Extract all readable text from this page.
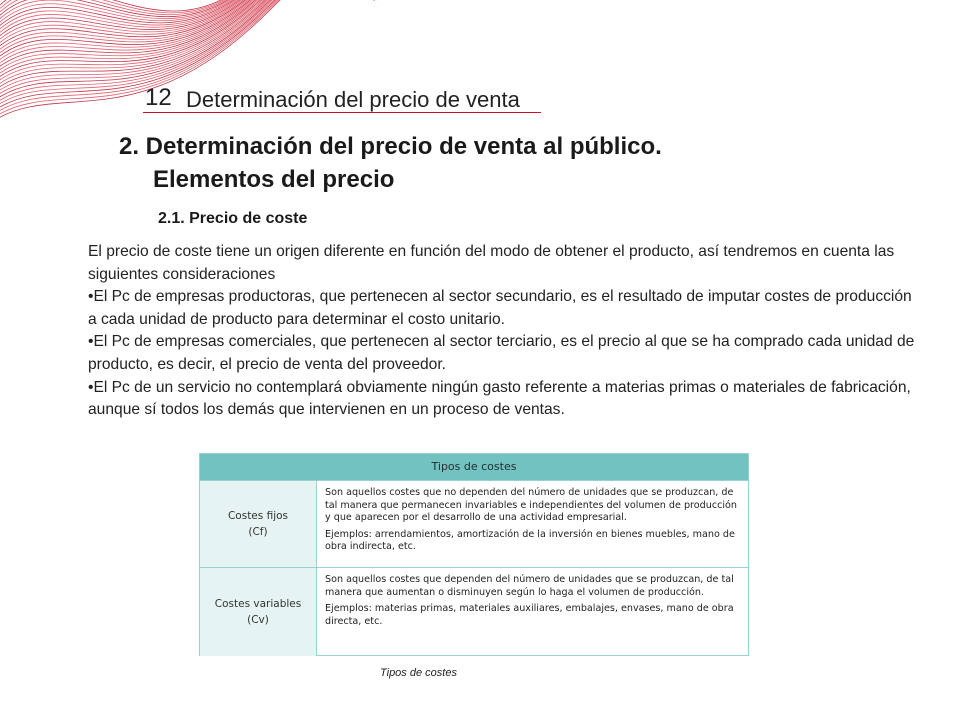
12 Determinación del precio de venta
2. Determinación del precio de venta al público.
Elementos del precio
2.1. Precio de coste

El precio de coste tiene un origen diferente en función del modo de obtener el producto, así tendremos en cuenta las siguientes consideraciones

•El Pc de empresas productoras, que pertenecen al sector secundario, es el resultado de imputar costes de producción a cada unidad de producto para determinar el costo unitario.

•El Pc de empresas comerciales, que pertenecen al sector terciario, es el precio al que se ha comprado cada unidad de producto, es decir, el precio de venta del proveedor.

•El Pc de un servicio no contemplará obviamente ningún gasto referente a materias primas o materiales de fabricación, aunque sí todos los demás que intervienen en un proceso de ventas.

Tipos de costes
Costes fijos
(Cf)

Son aquellos costes que no dependen del número de unidades que se produzcan, de tal manera que permanecen invariables e independientes del volumen de producción y que aparecen por el desarrollo de una actividad empresarial.

Ejemplos: arrendamientos, amortización de la inversión en bienes muebles, mano de obra indirecta, etc.

Costes variables
(Cv)

Son aquellos costes que dependen del número de unidades que se produzcan, de tal manera que aumentan o disminuyen según lo haga el volumen de producción.

Ejemplos: materias primas, materiales auxiliares, embalajes, envases, mano de obra directa, etc.

Tipos de costes
